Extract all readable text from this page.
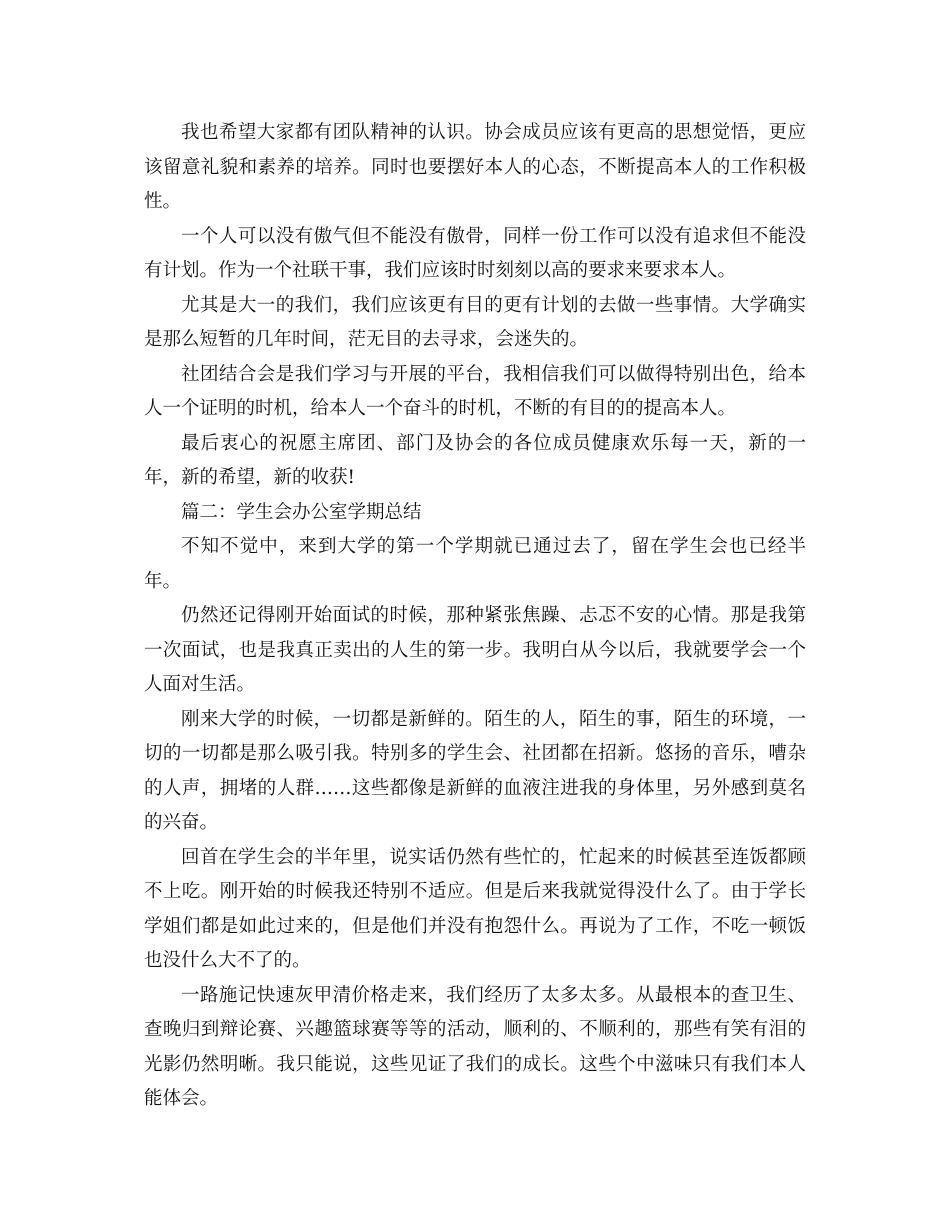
我也希望大家都有团队精神的认识。协会成员应该有更高的思想觉悟，更应该留意礼貌和素养的培养。同时也要摆好本人的心态，不断提高本人的工作积极性。

一个人可以没有傲气但不能没有傲骨，同样一份工作可以没有追求但不能没有计划。作为一个社联干事，我们应该时时刻刻以高的要求来要求本人。

尤其是大一的我们，我们应该更有目的更有计划的去做一些事情。大学确实是那么短暂的几年时间，茫无目的去寻求，会迷失的。

社团结合会是我们学习与开展的平台，我相信我们可以做得特别出色，给本人一个证明的时机，给本人一个奋斗的时机，不断的有目的的提高本人。

最后衷心的祝愿主席团、部门及协会的各位成员健康欢乐每一天，新的一年，新的希望，新的收获!

篇二：学生会办公室学期总结

不知不觉中，来到大学的第一个学期就已通过去了，留在学生会也已经半年。

仍然还记得刚开始面试的时候，那种紧张焦躁、忐忑不安的心情。那是我第一次面试，也是我真正卖出的人生的第一步。我明白从今以后，我就要学会一个人面对生活。

刚来大学的时候，一切都是新鲜的。陌生的人，陌生的事，陌生的环境，一切的一切都是那么吸引我。特别多的学生会、社团都在招新。悠扬的音乐，嘈杂的人声，拥堵的人群……这些都像是新鲜的血液注进我的身体里，另外感到莫名的兴奋。

回首在学生会的半年里，说实话仍然有些忙的，忙起来的时候甚至连饭都顾不上吃。刚开始的时候我还特别不适应。但是后来我就觉得没什么了。由于学长学姐们都是如此过来的，但是他们并没有抱怨什么。再说为了工作，不吃一顿饭也没什么大不了的。

一路施记快速灰甲清价格走来，我们经历了太多太多。从最根本的查卫生、查晚归到辩论赛、兴趣篮球赛等等的活动，顺利的、不顺利的，那些有笑有泪的光影仍然明晰。我只能说，这些见证了我们的成长。这些个中滋味只有我们本人能体会。
